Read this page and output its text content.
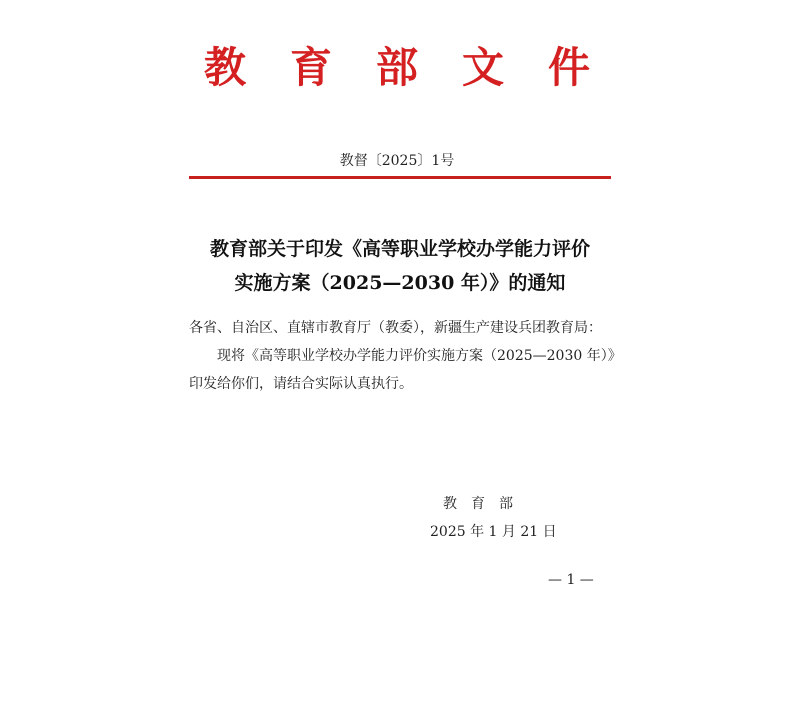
教育部文件
教督〔2025〕1号
教育部关于印发《高等职业学校办学能力评价
实施方案（2025—2030 年）》的通知

各省、自治区、直辖市教育厅（教委），新疆生产建设兵团教育局：

现将《高等职业学校办学能力评价实施方案（2025—2030 年）》印发给你们，请结合实际认真执行。

教育部
2025 年 1 月 21 日
— 1 —
